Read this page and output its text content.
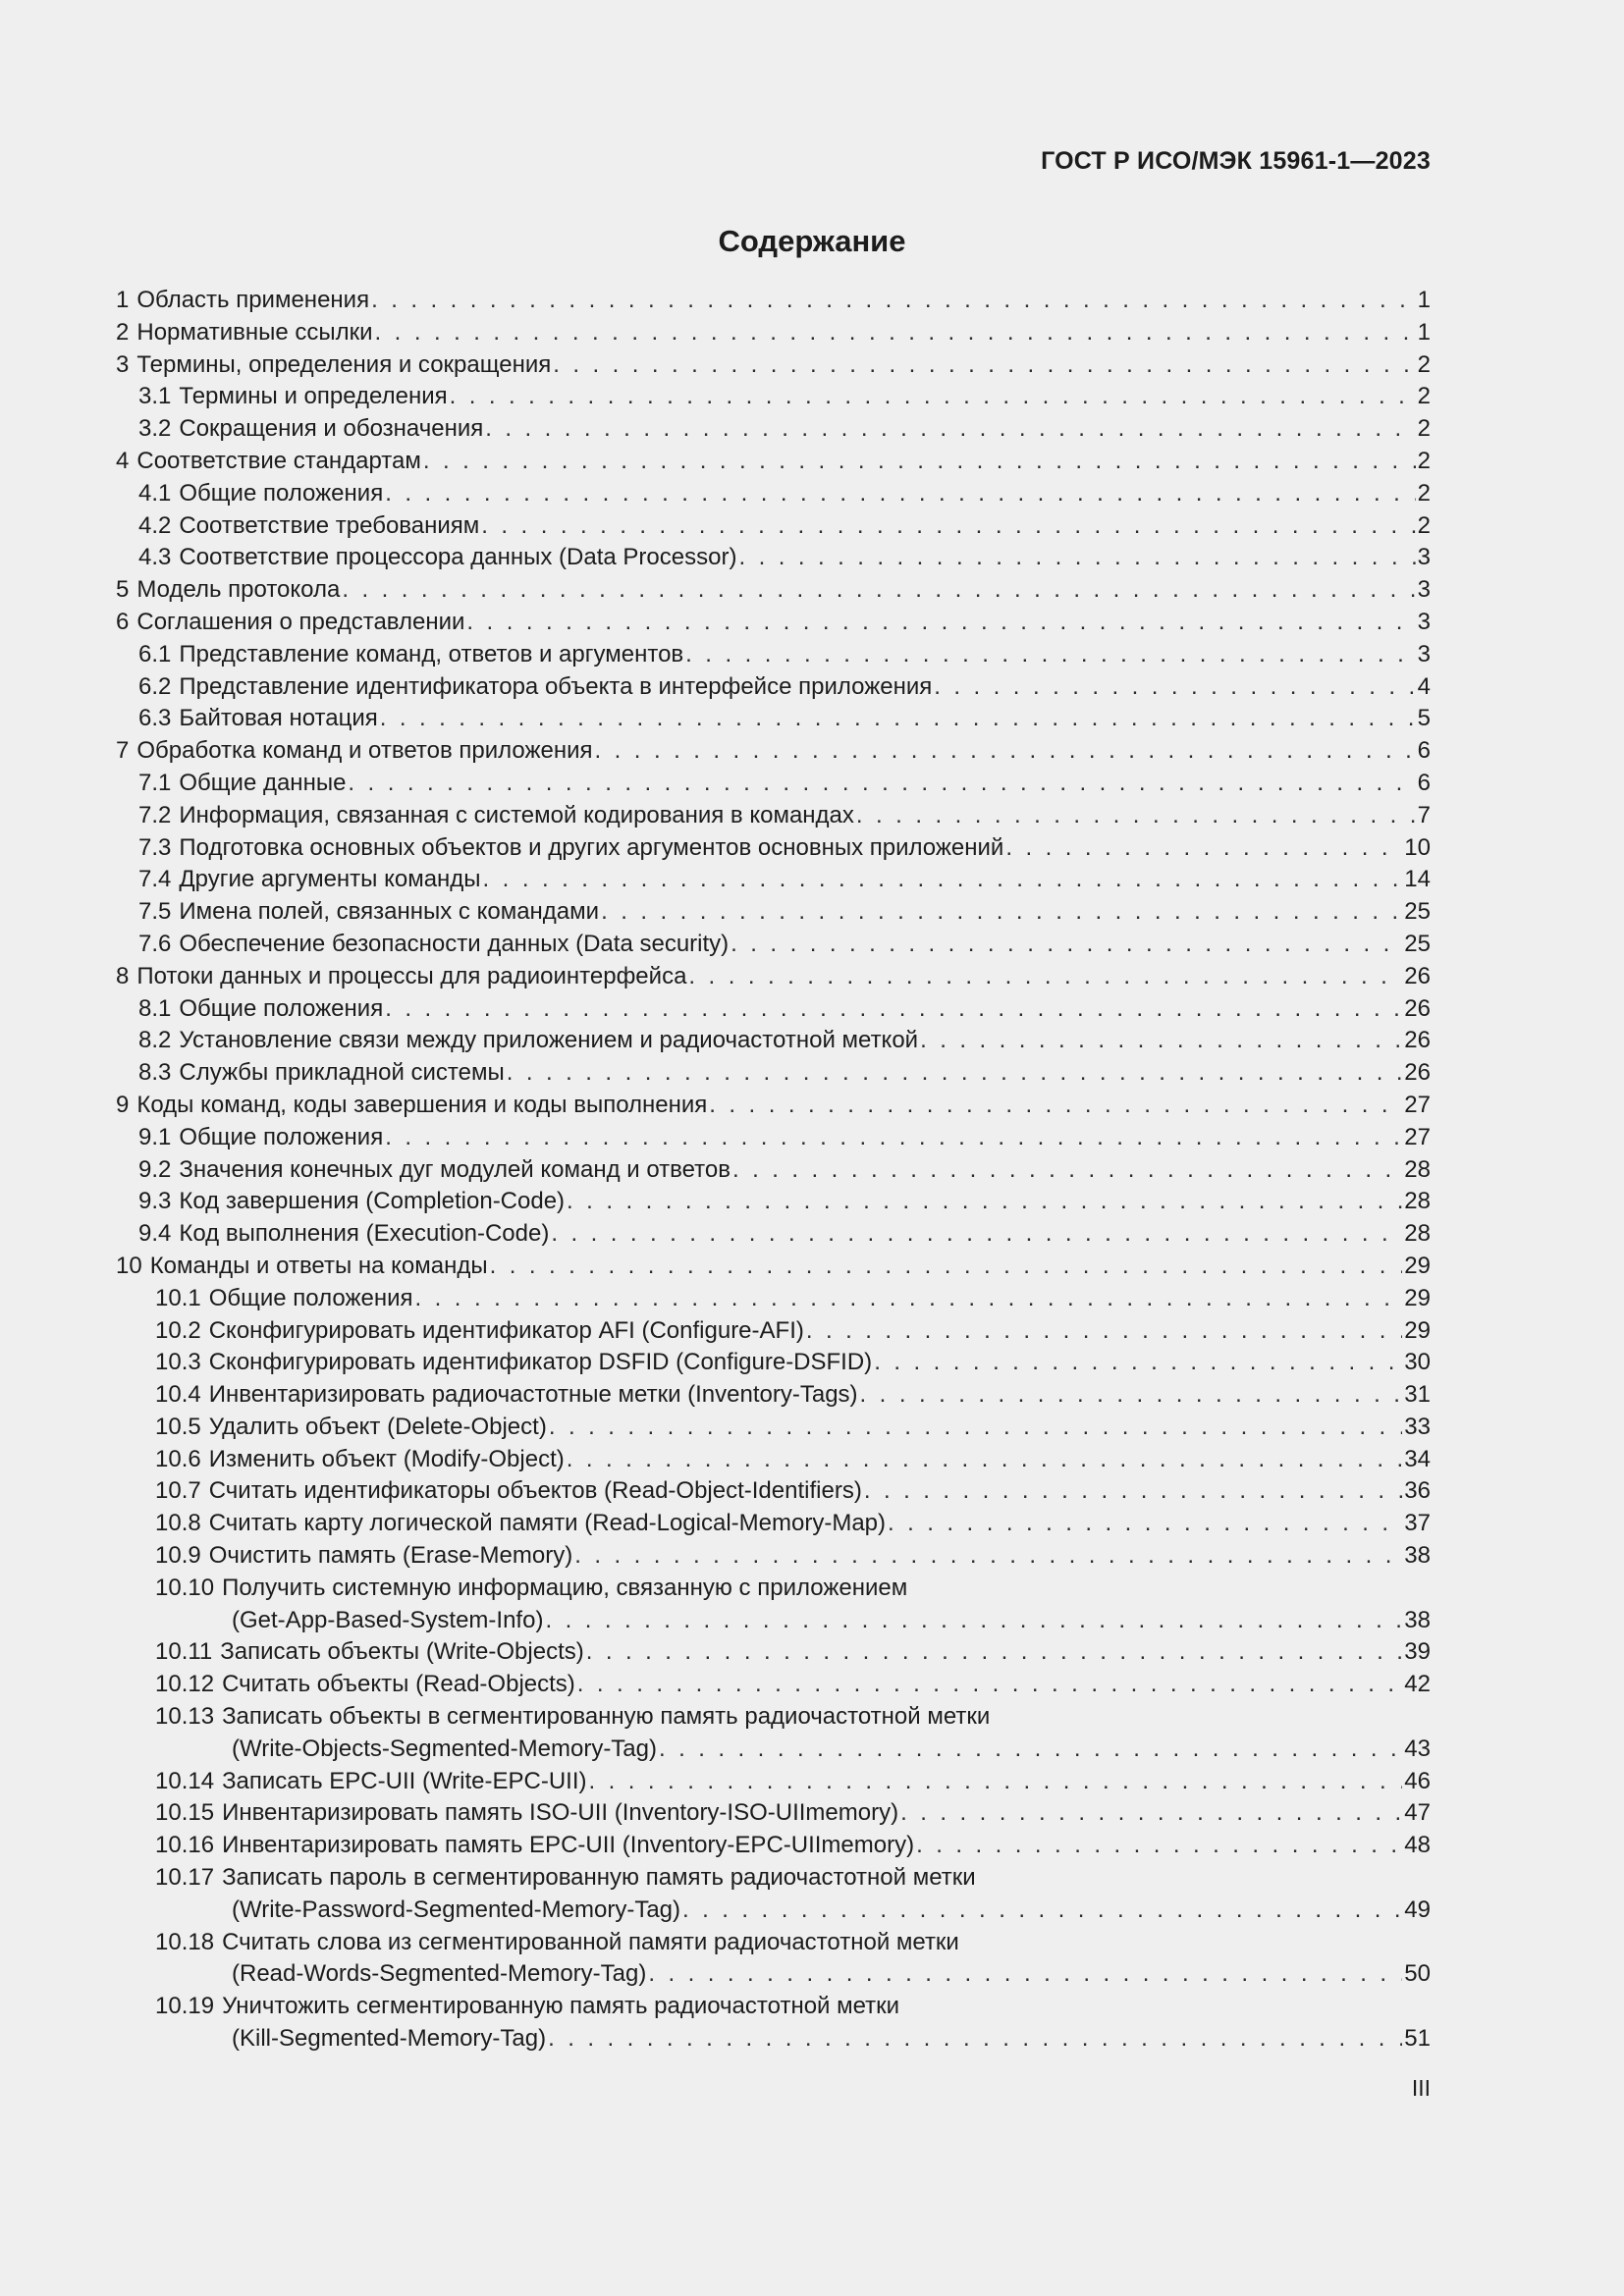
ГОСТ Р ИСО/МЭК 15961-1—2023
Содержание
1 Область применения . . .	1
2 Нормативные ссылки . . .	1
3 Термины, определения и сокращения . . .	2
3.1 Термины и определения . . .	2
3.2 Сокращения и обозначения . . .	2
4 Соответствие стандартам . . .	2
4.1 Общие положения . . .	2
4.2 Соответствие требованиям . . .	2
4.3 Соответствие процессора данных (Data Processor) . . .	3
5 Модель протокола . . .	3
6 Соглашения о представлении . . .	3
6.1 Представление команд, ответов и аргументов . . .	3
6.2 Представление идентификатора объекта в интерфейсе приложения . . .	4
6.3 Байтовая нотация . . .	5
7 Обработка команд и ответов приложения . . .	6
7.1 Общие данные . . .	6
7.2 Информация, связанная с системой кодирования в командах . . .	7
7.3 Подготовка основных объектов и других аргументов основных приложений . . .	10
7.4 Другие аргументы команды . . .	14
7.5 Имена полей, связанных с командами . . .	25
7.6 Обеспечение безопасности данных (Data security) . . .	25
8 Потоки данных и процессы для радиоинтерфейса . . .	26
8.1 Общие положения . . .	26
8.2 Установление связи между приложением и радиочастотной меткой . . .	26
8.3 Службы прикладной системы . . .	26
9 Коды команд, коды завершения и коды выполнения . . .	27
9.1 Общие положения . . .	27
9.2 Значения конечных дуг модулей команд и ответов . . .	28
9.3 Код завершения (Completion-Code) . . .	28
9.4 Код выполнения (Execution-Code) . . .	28
10 Команды и ответы на команды . . .	29
10.1 Общие положения . . .	29
10.2 Сконфигурировать идентификатор AFI (Configure-AFI) . . .	29
10.3 Сконфигурировать идентификатор DSFID (Configure-DSFID) . . .	30
10.4 Инвентаризировать радиочастотные метки (Inventory-Tags) . . .	31
10.5 Удалить объект (Delete-Object) . . .	33
10.6 Изменить объект (Modify-Object) . . .	34
10.7 Считать идентификаторы объектов (Read-Object-Identifiers) . . .	36
10.8 Считать карту логической памяти (Read-Logical-Memory-Map) . . .	37
10.9 Очистить память (Erase-Memory) . . .	38
10.10 Получить системную информацию, связанную с приложением
(Get-App-Based-System-Info) . . .	38
10.11 Записать объекты (Write-Objects) . . .	39
10.12 Считать объекты (Read-Objects) . . .	42
10.13 Записать объекты в сегментированную память радиочастотной метки
(Write-Objects-Segmented-Memory-Tag) . . .	43
10.14 Записать EPC-UII (Write-EPC-UII) . . .	46
10.15 Инвентаризировать память ISO-UII (Inventory-ISO-UIImemory) . . .	47
10.16 Инвентаризировать память EPC-UII (Inventory-EPC-UIImemory) . . .	48
10.17 Записать пароль в сегментированную память радиочастотной метки
(Write-Password-Segmented-Memory-Tag) . . .	49
10.18 Считать слова из сегментированной памяти радиочастотной метки
(Read-Words-Segmented-Memory-Tag) . . .	50
10.19 Уничтожить сегментированную память радиочастотной метки
(Kill-Segmented-Memory-Tag) . . .	51
III
